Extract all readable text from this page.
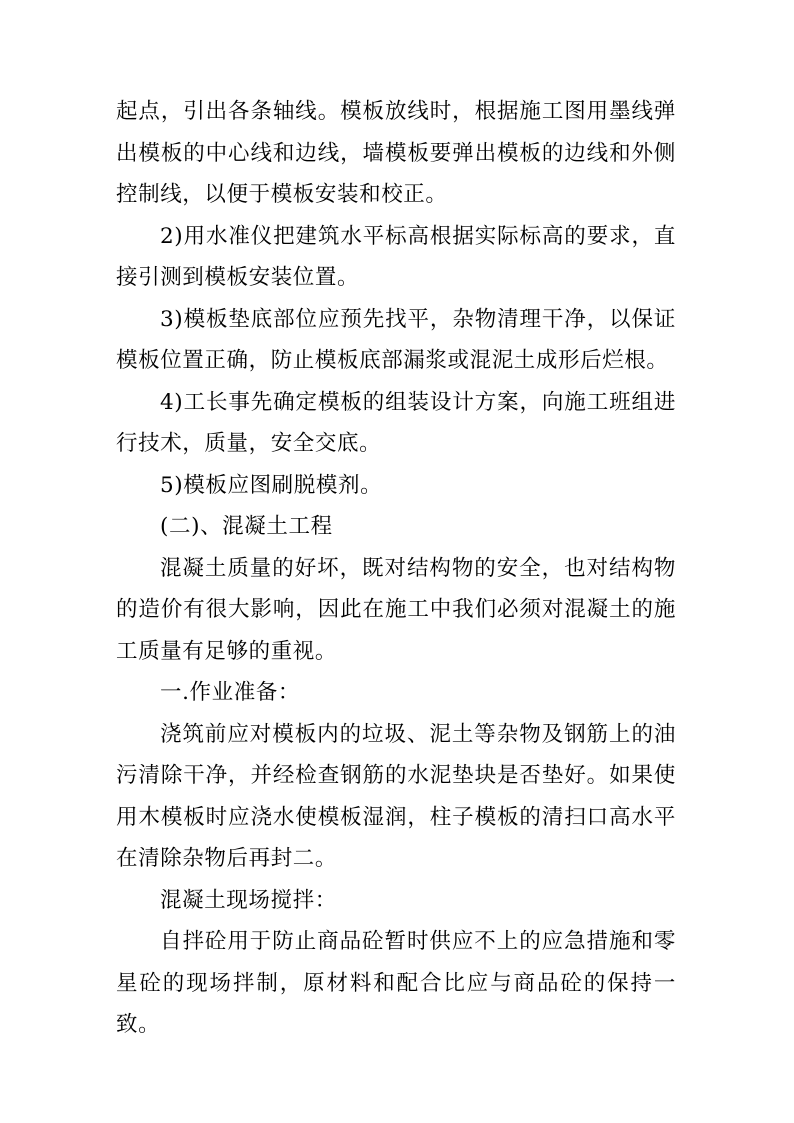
起点，引出各条轴线。模板放线时，根据施工图用墨线弹出模板的中心线和边线，墙模板要弹出模板的边线和外侧控制线，以便于模板安装和校正。

2)用水准仪把建筑水平标高根据实际标高的要求，直接引测到模板安装位置。

3)模板垫底部位应预先找平，杂物清理干净，以保证模板位置正确，防止模板底部漏浆或混泥土成形后烂根。

4)工长事先确定模板的组装设计方案，向施工班组进行技术，质量，安全交底。

5)模板应图刷脱模剂。

(二)、混凝土工程

混凝土质量的好坏，既对结构物的安全，也对结构物的造价有很大影响，因此在施工中我们必须对混凝土的施工质量有足够的重视。

一.作业准备：

浇筑前应对模板内的垃圾、泥土等杂物及钢筋上的油污清除干净，并经检查钢筋的水泥垫块是否垫好。如果使用木模板时应浇水使模板湿润，柱子模板的清扫口高水平在清除杂物后再封二。

混凝土现场搅拌：

自拌砼用于防止商品砼暂时供应不上的应急措施和零星砼的现场拌制，原材料和配合比应与商品砼的保持一致。
